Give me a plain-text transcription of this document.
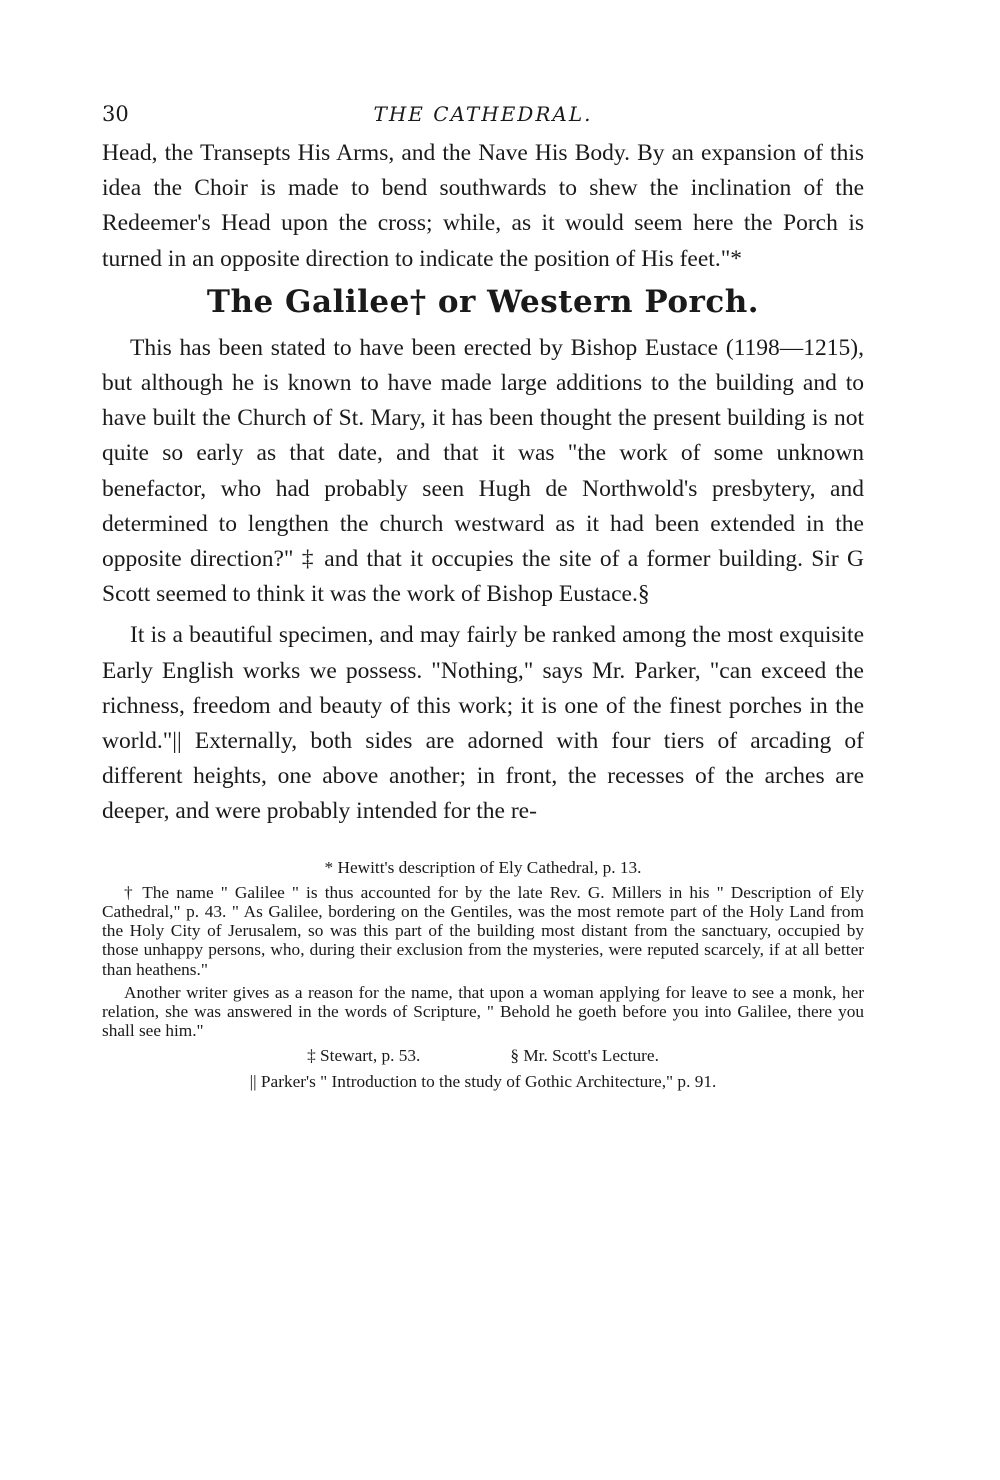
30	THE CATHEDRAL.

Head, the Transepts His Arms, and the Nave His Body. By an expansion of this idea the Choir is made to bend southwards to shew the inclination of the Redeemer's Head upon the cross; while, as it would seem here the Porch is turned in an opposite direction to indicate the position of His feet."*

The Galilee† or Western Porch.

This has been stated to have been erected by Bishop Eustace (1198—1215), but although he is known to have made large additions to the building and to have built the Church of St. Mary, it has been thought the present building is not quite so early as that date, and that it was "the work of some unknown benefactor, who had probably seen Hugh de Northwold's presbytery, and determined to lengthen the church westward as it had been extended in the opposite direction?" ‡ and that it occupies the site of a former building. Sir G Scott seemed to think it was the work of Bishop Eustace.§

It is a beautiful specimen, and may fairly be ranked among the most exquisite Early English works we possess. "Nothing," says Mr. Parker, "can exceed the richness, freedom and beauty of this work; it is one of the finest porches in the world."|| Externally, both sides are adorned with four tiers of arcading of different heights, one above another; in front, the recesses of the arches are deeper, and were probably intended for the re-

* Hewitt's description of Ely Cathedral, p. 13.

† The name " Galilee " is thus accounted for by the late Rev. G. Millers in his " Description of Ely Cathedral," p. 43. " As Galilee, bordering on the Gentiles, was the most remote part of the Holy Land from the Holy City of Jerusalem, so was this part of the building most distant from the sanctuary, occupied by those unhappy persons, who, during their exclusion from the mysteries, were reputed scarcely, if at all better than heathens."

Another writer gives as a reason for the name, that upon a woman applying for leave to see a monk, her relation, she was answered in the words of Scripture, " Behold he goeth before you into Galilee, there you shall see him."

‡ Stewart, p. 53.	§ Mr. Scott's Lecture.

|| Parker's " Introduction to the study of Gothic Architecture," p. 91.
